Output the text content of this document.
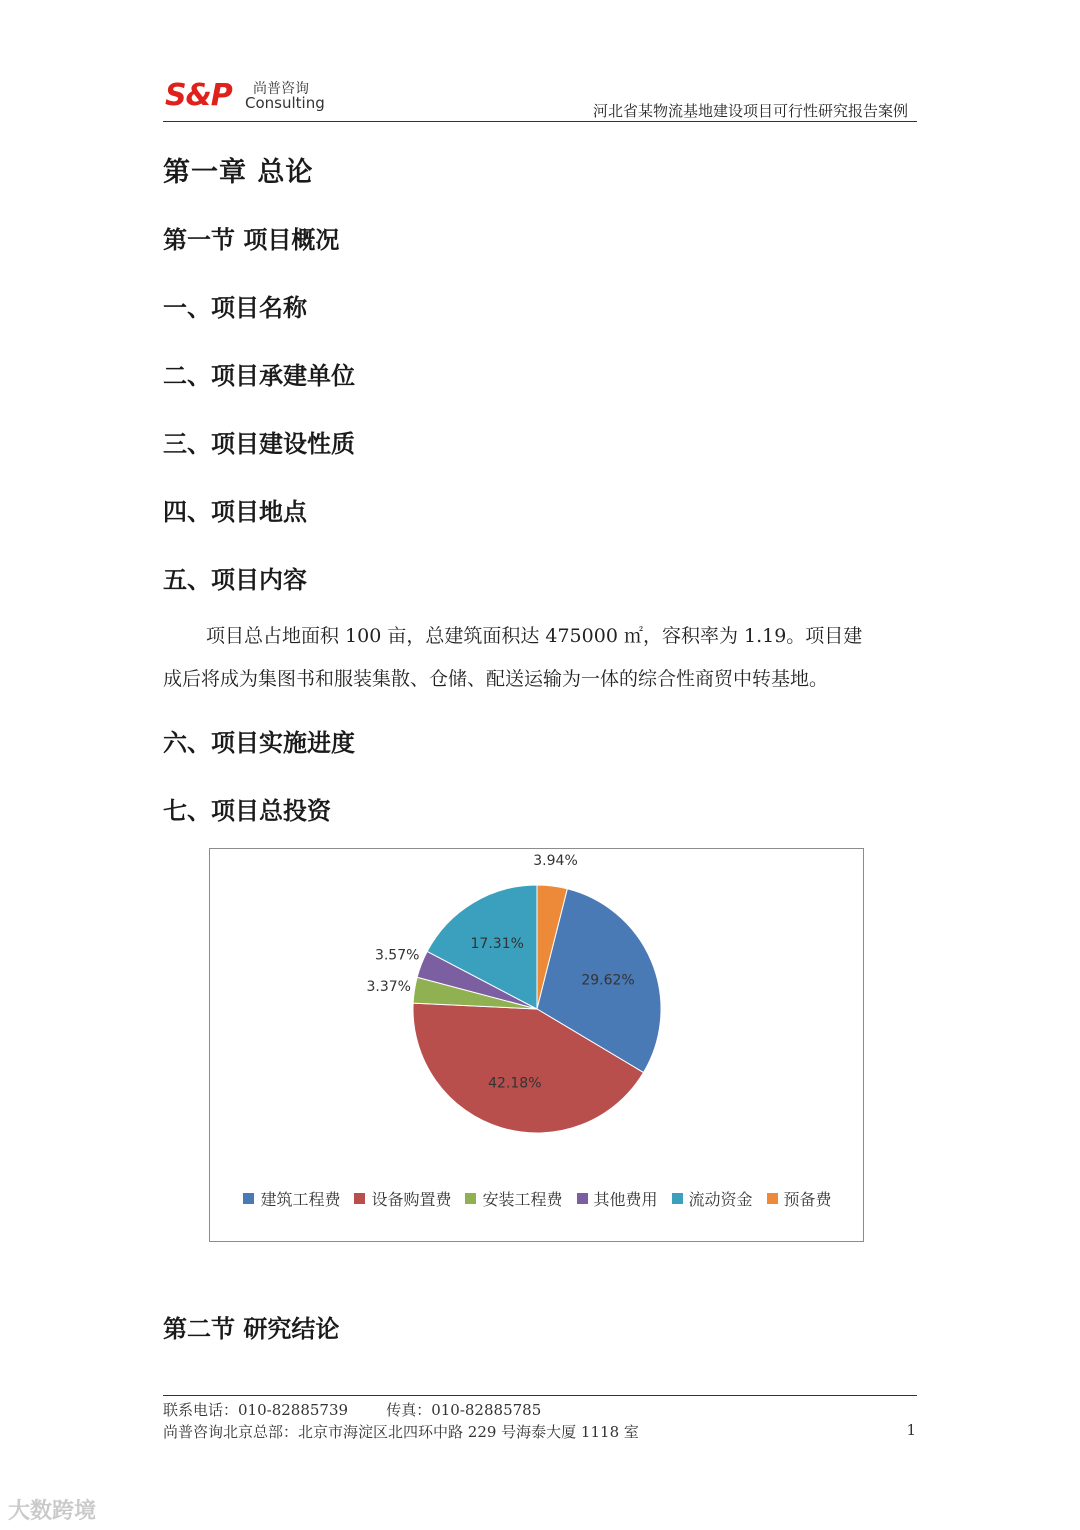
S&P 尚普咨询
Consulting	河北省某物流基地建设项目可行性研究报告案例
第一章 总论
第一节 项目概况
一、项目名称
二、项目承建单位
三、项目建设性质
四、项目地点
五、项目内容

项目总占地面积 100 亩，总建筑面积达 475000 ㎡，容积率为 1.19。项目建

成后将成为集图书和服装集散、仓储、配送运输为一体的综合性商贸中转基地。

六、项目实施进度
七、项目总投资
3.94%
29.62%
42.18%
3.37%
3.57%
17.31%
建筑工程费 设备购置费 安装工程费 其他费用 流动资金 预备费
第二节 研究结论
联系电话：010-82885739        传真：010-82885785
尚普咨询北京总部：北京市海淀区北四环中路 229 号海泰大厦 1118 室	1
大数跨境
